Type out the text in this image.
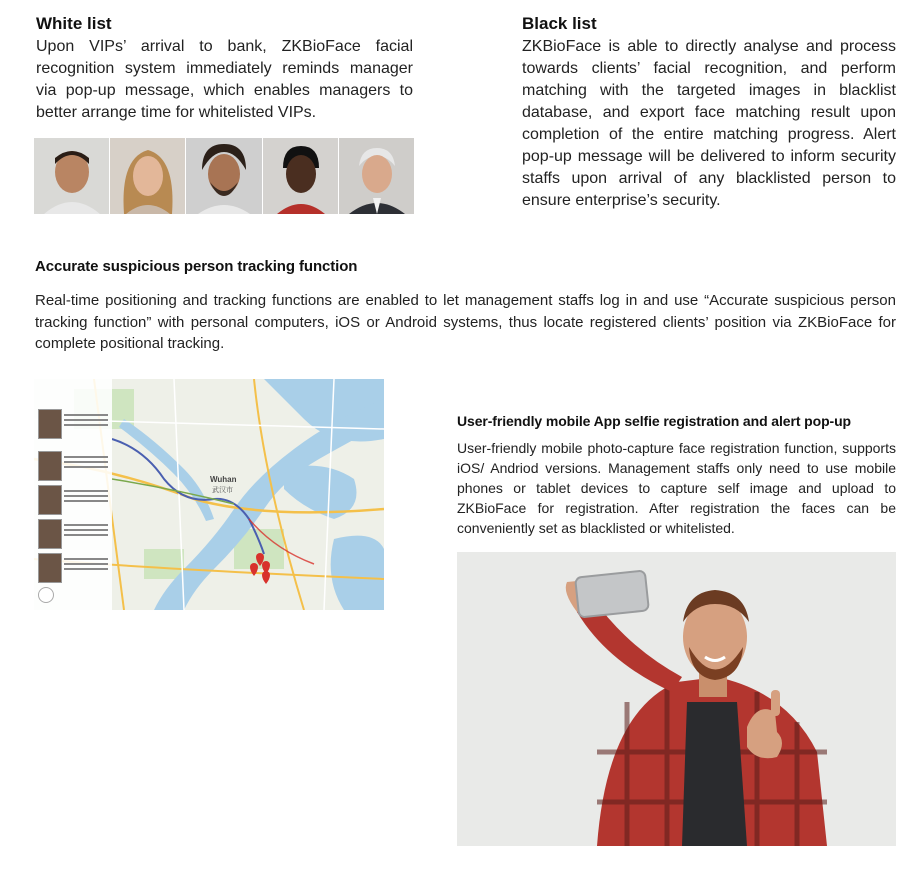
White list

Upon VIPs’ arrival to bank, ZKBioFace facial recognition system immediately reminds manager via pop-up message, which enables managers to better arrange time for whitelisted VIPs.

Black list

ZKBioFace is able to directly analyse and process towards clients’ facial recognition, and perform matching with the targeted images in blacklist database, and export face matching result upon completion of the entire matching progress. Alert pop-up message will be delivered to inform security staffs upon arrival of any blacklisted person to ensure enterprise’s security.

Accurate suspicious person tracking function

Real-time positioning and tracking functions are enabled to let management staffs log in and use “Accurate suspicious person tracking function” with personal computers, iOS or Android systems, thus locate registered clients’ position via ZKBioFace for complete positional tracking.

Wuhan
武汉市
User-friendly mobile App selfie registration and alert pop-up

User-friendly mobile photo-capture face registration function, supports iOS/ Andriod versions. Management staffs only need to use mobile phones or tablet devices to capture self image and upload to ZKBioFace for registration. After registration the faces can be conveniently set as blacklisted or whitelisted.
